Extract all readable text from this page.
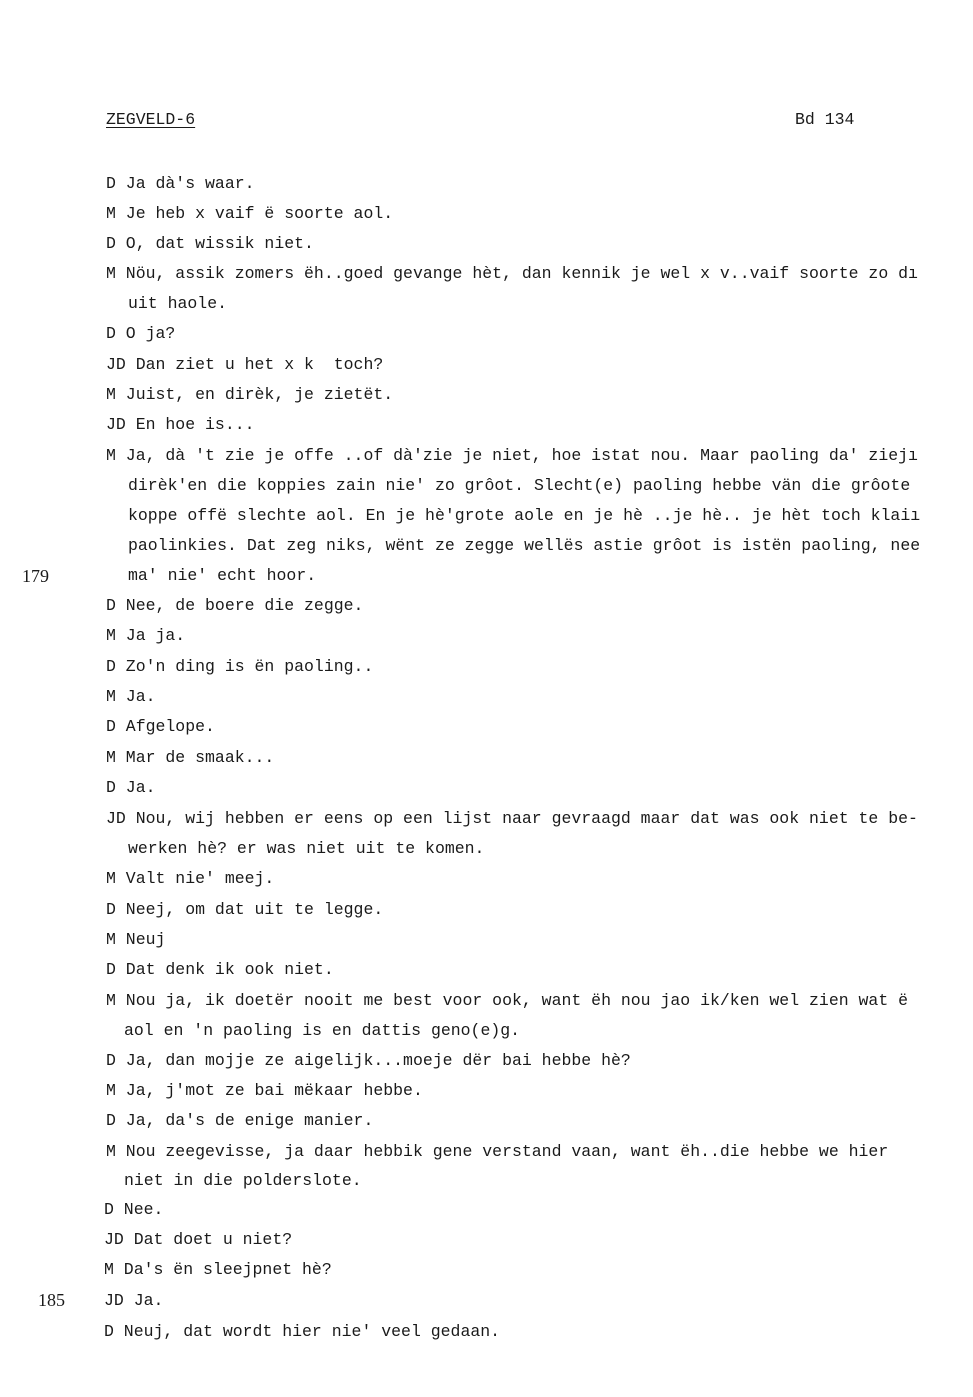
ZEGVELD-6	Bd 134
179
185
D Ja dà's waar.
M Je heb x vaif ë soorte aol.
D O, dat wissik niet.
M Nöu, assik zomers ëh..goed gevange hèt, dan kennik je wel x v..vaif soorte zo dı
uit haole.
D O ja?
JD Dan ziet u het x k  toch?
M Juist, en dirèk, je zietët.
JD En hoe is...
M Ja, dà 't zie je offe ..of dà'zie je niet, hoe istat nou. Maar paoling da' ziejı
dirèk'en die koppies zain nie' zo grôot. Slecht(e) paoling hebbe vän die grôote
koppe offë slechte aol. En je hè'grote aole en je hè ..je hè.. je hèt toch klaiı
paolinkies. Dat zeg niks, wënt ze zegge wellës astie grôot is istën paoling, nee
ma' nie' echt hoor.
D Nee, de boere die zegge.
M Ja ja.
D Zo'n ding is ën paoling..
M Ja.
D Afgelope.
M Mar de smaak...
D Ja.
JD Nou, wij hebben er eens op een lijst naar gevraagd maar dat was ook niet te be-
werken hè? er was niet uit te komen.
M Valt nie' meej.
D Neej, om dat uit te legge.
M Neuj
D Dat denk ik ook niet.
M Nou ja, ik doetër nooit me best voor ook, want ëh nou jao ik/ken wel zien wat ë
aol en 'n paoling is en dattis geno(e)g.
D Ja, dan mojje ze aigelijk...moeje dër bai hebbe hè?
M Ja, j'mot ze bai mëkaar hebbe.
D Ja, da's de enige manier.
M Nou zeegevisse, ja daar hebbik gene verstand vaan, want ëh..die hebbe we hier
niet in die polderslote.
D Nee.
JD Dat doet u niet?
M Da's ën sleejpnet hè?
JD Ja.
D Neuj, dat wordt hier nie' veel gedaan.
